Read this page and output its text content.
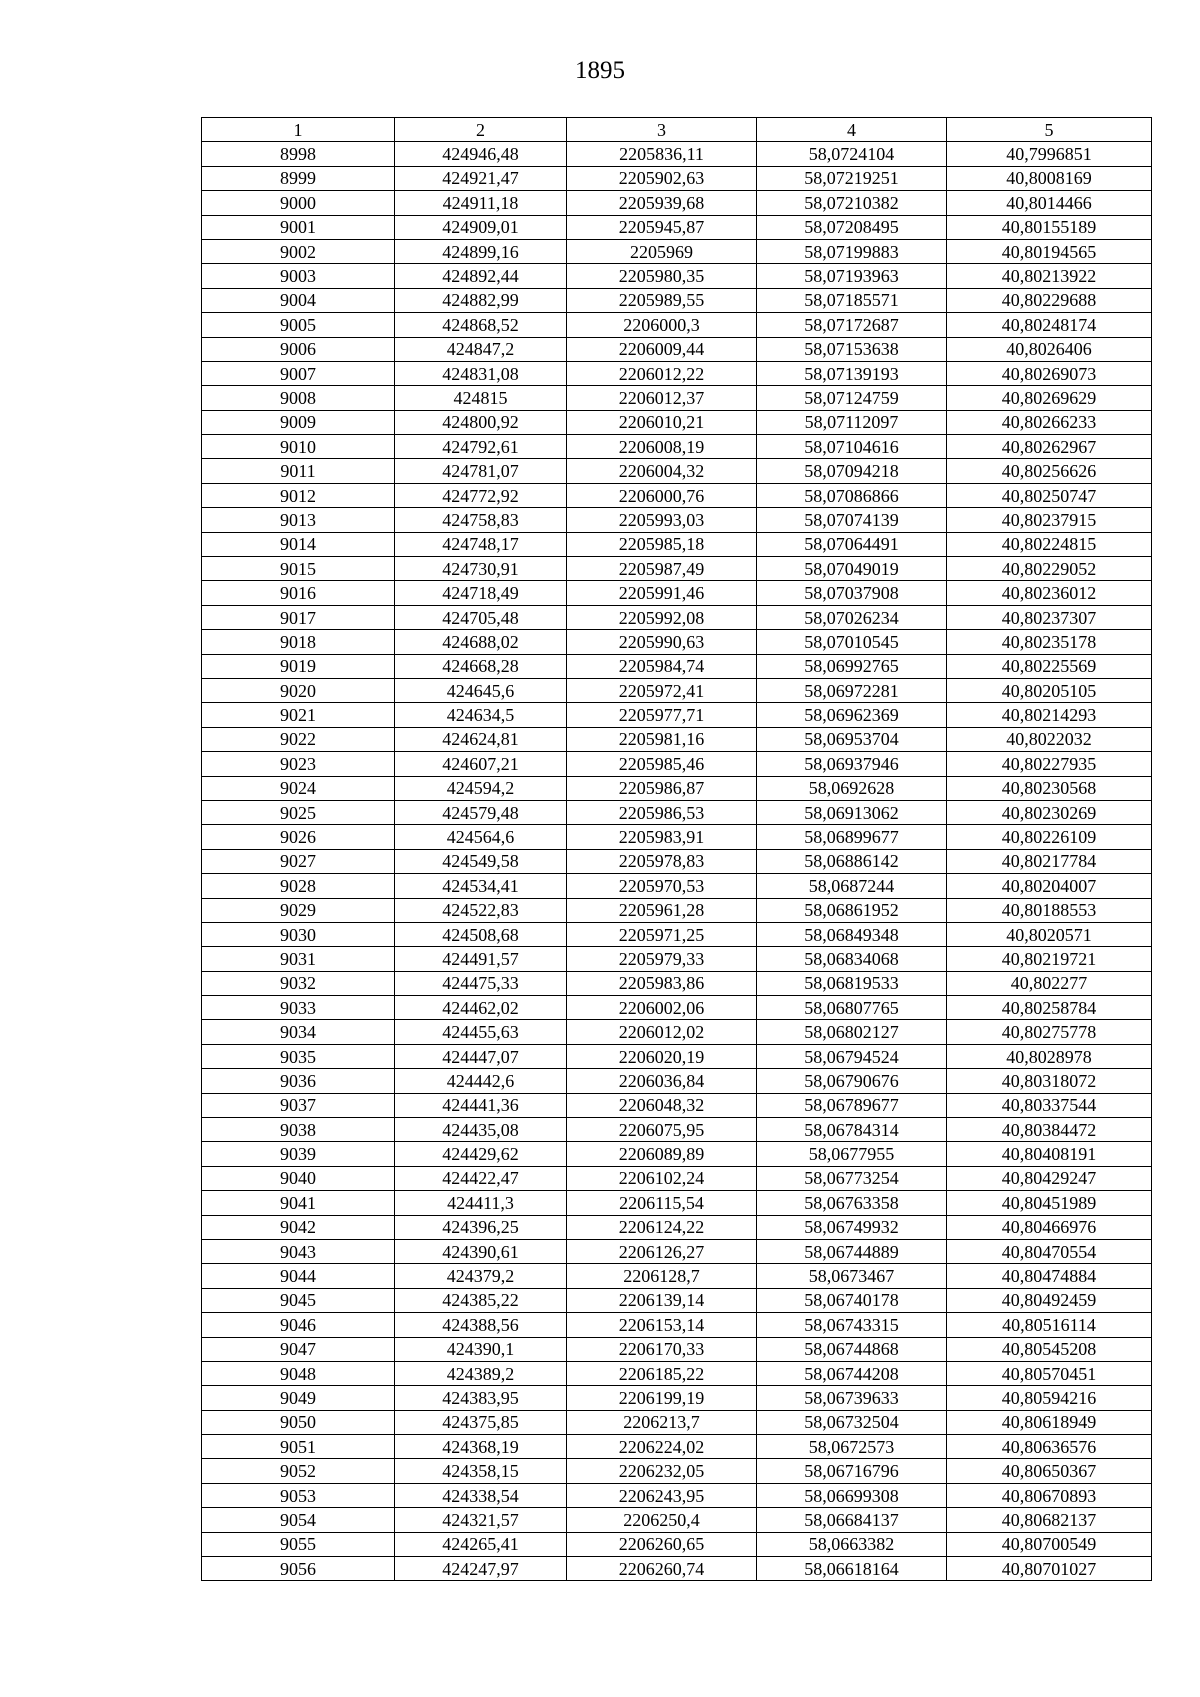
1895
1	2	3	4	5
8998	424946,48	2205836,11	58,0724104	40,7996851
8999	424921,47	2205902,63	58,07219251	40,8008169
9000	424911,18	2205939,68	58,07210382	40,8014466
9001	424909,01	2205945,87	58,07208495	40,80155189
9002	424899,16	2205969	58,07199883	40,80194565
9003	424892,44	2205980,35	58,07193963	40,80213922
9004	424882,99	2205989,55	58,07185571	40,80229688
9005	424868,52	2206000,3	58,07172687	40,80248174
9006	424847,2	2206009,44	58,07153638	40,8026406
9007	424831,08	2206012,22	58,07139193	40,80269073
9008	424815	2206012,37	58,07124759	40,80269629
9009	424800,92	2206010,21	58,07112097	40,80266233
9010	424792,61	2206008,19	58,07104616	40,80262967
9011	424781,07	2206004,32	58,07094218	40,80256626
9012	424772,92	2206000,76	58,07086866	40,80250747
9013	424758,83	2205993,03	58,07074139	40,80237915
9014	424748,17	2205985,18	58,07064491	40,80224815
9015	424730,91	2205987,49	58,07049019	40,80229052
9016	424718,49	2205991,46	58,07037908	40,80236012
9017	424705,48	2205992,08	58,07026234	40,80237307
9018	424688,02	2205990,63	58,07010545	40,80235178
9019	424668,28	2205984,74	58,06992765	40,80225569
9020	424645,6	2205972,41	58,06972281	40,80205105
9021	424634,5	2205977,71	58,06962369	40,80214293
9022	424624,81	2205981,16	58,06953704	40,8022032
9023	424607,21	2205985,46	58,06937946	40,80227935
9024	424594,2	2205986,87	58,0692628	40,80230568
9025	424579,48	2205986,53	58,06913062	40,80230269
9026	424564,6	2205983,91	58,06899677	40,80226109
9027	424549,58	2205978,83	58,06886142	40,80217784
9028	424534,41	2205970,53	58,0687244	40,80204007
9029	424522,83	2205961,28	58,06861952	40,80188553
9030	424508,68	2205971,25	58,06849348	40,8020571
9031	424491,57	2205979,33	58,06834068	40,80219721
9032	424475,33	2205983,86	58,06819533	40,802277
9033	424462,02	2206002,06	58,06807765	40,80258784
9034	424455,63	2206012,02	58,06802127	40,80275778
9035	424447,07	2206020,19	58,06794524	40,8028978
9036	424442,6	2206036,84	58,06790676	40,80318072
9037	424441,36	2206048,32	58,06789677	40,80337544
9038	424435,08	2206075,95	58,06784314	40,80384472
9039	424429,62	2206089,89	58,0677955	40,80408191
9040	424422,47	2206102,24	58,06773254	40,80429247
9041	424411,3	2206115,54	58,06763358	40,80451989
9042	424396,25	2206124,22	58,06749932	40,80466976
9043	424390,61	2206126,27	58,06744889	40,80470554
9044	424379,2	2206128,7	58,0673467	40,80474884
9045	424385,22	2206139,14	58,06740178	40,80492459
9046	424388,56	2206153,14	58,06743315	40,80516114
9047	424390,1	2206170,33	58,06744868	40,80545208
9048	424389,2	2206185,22	58,06744208	40,80570451
9049	424383,95	2206199,19	58,06739633	40,80594216
9050	424375,85	2206213,7	58,06732504	40,80618949
9051	424368,19	2206224,02	58,0672573	40,80636576
9052	424358,15	2206232,05	58,06716796	40,80650367
9053	424338,54	2206243,95	58,06699308	40,80670893
9054	424321,57	2206250,4	58,06684137	40,80682137
9055	424265,41	2206260,65	58,0663382	40,80700549
9056	424247,97	2206260,74	58,06618164	40,80701027
